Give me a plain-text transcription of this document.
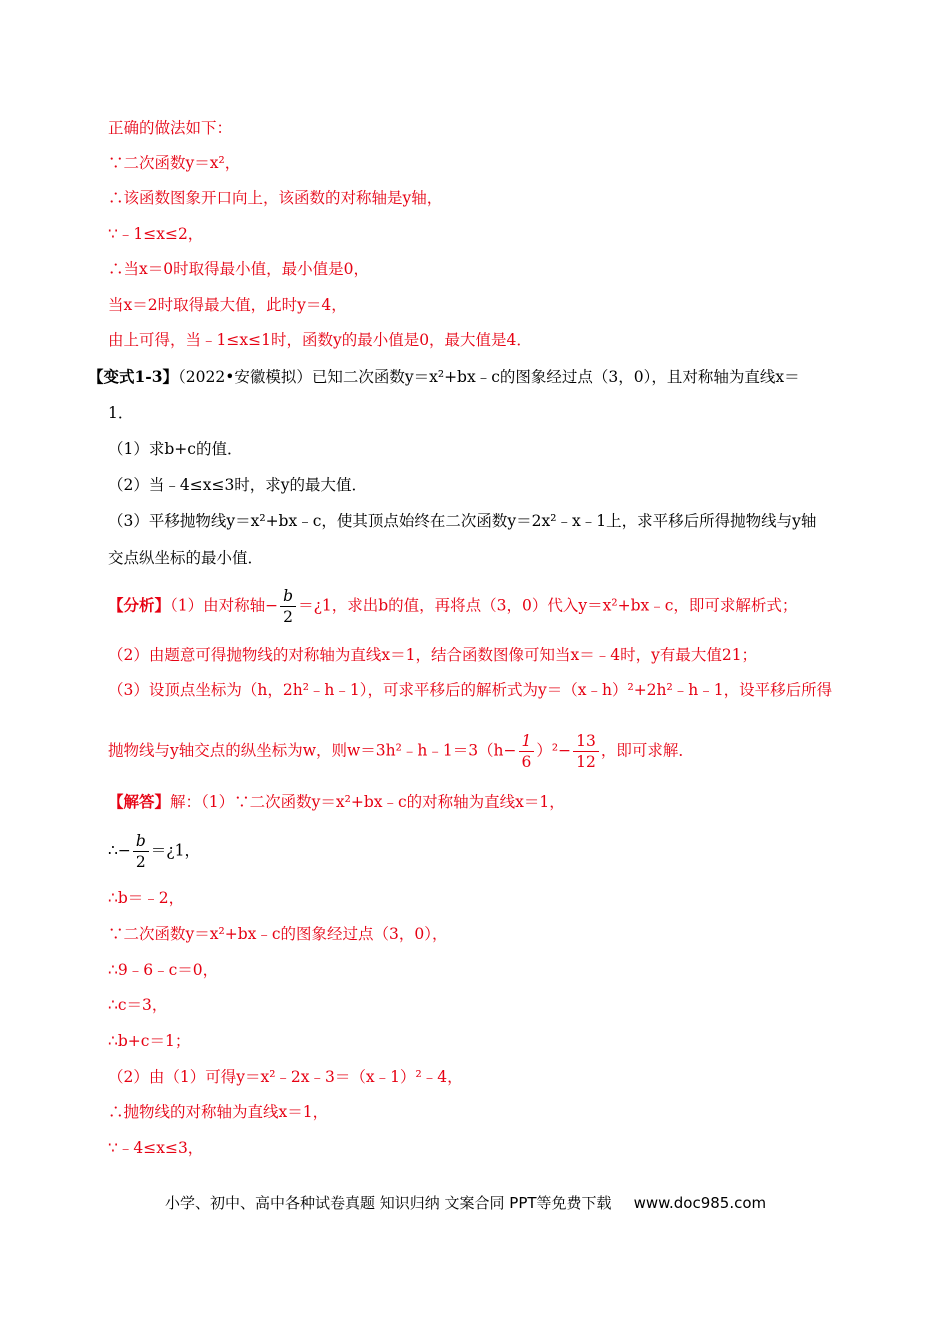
正确的做法如下：
∵二次函数y＝x²，
∴该函数图象开口向上，该函数的对称轴是y轴，
∵﹣1≤x≤2，
∴当x＝0时取得最小值，最小值是0，
当x＝2时取得最大值，此时y＝4，
由上可得，当﹣1≤x≤1时，函数y的最小值是0，最大值是4．
【变式1-3】（2022•安徽模拟）已知二次函数y＝x²+bx﹣c的图象经过点（3，0），且对称轴为直线x＝
1．
（1）求b+c的值．
（2）当﹣4≤x≤3时，求y的最大值．
（3）平移抛物线y＝x²+bx﹣c，使其顶点始终在二次函数y＝2x²﹣x﹣1上，求平移后所得抛物线与y轴
交点纵坐标的最小值．
【分析】（1）由对称轴− $\frac{b}{2}$ ＝¿1，求出b的值，再将点（3，0）代入y＝x²+bx﹣c，即可求解析式；
（2）由题意可得抛物线的对称轴为直线x＝1，结合函数图像可知当x＝﹣4时，y有最大值21；
（3）设顶点坐标为（h，2h²﹣h﹣1），可求平移后的解析式为y＝（x﹣h）²+2h²﹣h﹣1，设平移后所得
抛物线与y轴交点的纵坐标为w，则w＝3h²﹣h﹣1＝3（h− $\frac{1}{6} )^2- \frac{13}{12}$ ，即可求解．
【解答】解：（1）∵二次函数y＝x²+bx﹣c的对称轴为直线x＝1，
∴− $\frac{b}{2}$ ＝¿1，
∴b＝﹣2，
∵二次函数y＝x²+bx﹣c的图象经过点（3，0），
∴9﹣6﹣c＝0，
∴c＝3，
∴b+c＝1；
（2）由（1）可得y＝x²﹣2x﹣3＝（x﹣1）²﹣4，
∴抛物线的对称轴为直线x＝1，
∵﹣4≤x≤3，
小学、初中、高中各种试卷真题 知识归纳 文案合同 PPT等免费下载 www.doc985.com
